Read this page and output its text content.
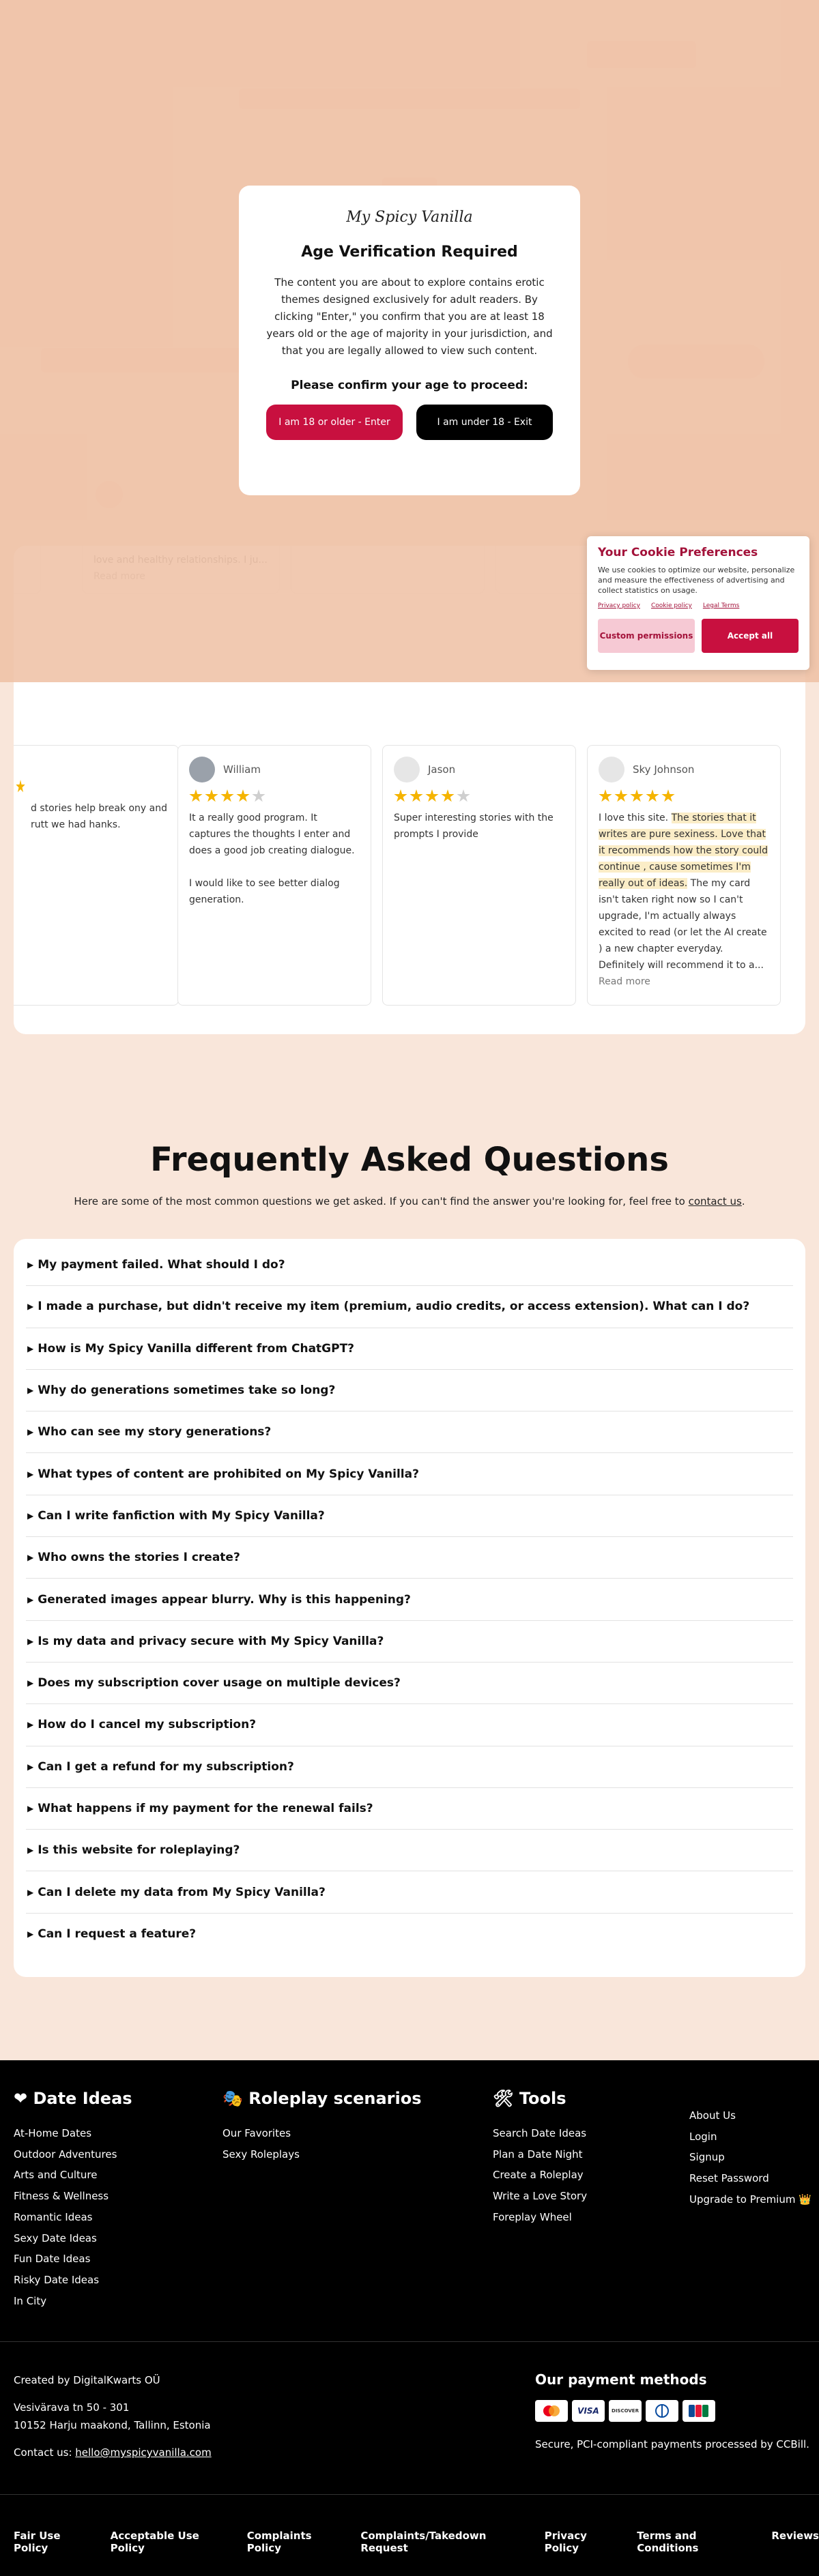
d stories help break ony and rutt we had hanks.
William
It a really good program. It captures the thoughts I enter and does a good job creating dialogue.
I would like to see better dialog generation.
Jason
Super interesting stories with the prompts I provide
Sky Johnson
I love this site. The stories that it writes are pure sexiness. Love that it recommends how the story could continue , cause sometimes I'm really out of ideas. The my card isn't taken right now so I can't upgrade, I'm actually always excited to read (or let the AI create ) a new chapter everyday.
Definitely will recommend it to a...
Read more
My Spicy Vanilla
Age Verification Required

The content you are about to explore contains erotic themes designed exclusively for adult readers. By clicking "Enter," you confirm that you are at least 18 years old or the age of majority in your jurisdiction, and that you are legally allowed to view such content.

Please confirm your age to proceed:
I am 18 or older - Enter	I am under 18 - Exit
Your Cookie Preferences

We use cookies to optimize our website, personalize and measure the effectiveness of advertising and collect statistics on usage.

Privacy policy Cookie policy Legal Terms
Custom permissions	Accept all
Frequently Asked Questions
Here are some of the most common questions we get asked. If you can't find the answer you're looking for, feel free to contact us.
▶ My payment failed. What should I do?
▶ I made a purchase, but didn't receive my item (premium, audio credits, or access extension). What can I do?
▶ How is My Spicy Vanilla different from ChatGPT?
▶ Why do generations sometimes take so long?
▶ Who can see my story generations?
▶ What types of content are prohibited on My Spicy Vanilla?
▶ Can I write fanfiction with My Spicy Vanilla?
▶ Who owns the stories I create?
▶ Generated images appear blurry. Why is this happening?
▶ Is my data and privacy secure with My Spicy Vanilla?
▶ Does my subscription cover usage on multiple devices?
▶ How do I cancel my subscription?
▶ Can I get a refund for my subscription?
▶ What happens if my payment for the renewal fails?
▶ Is this website for roleplaying?
▶ Can I delete my data from My Spicy Vanilla?
▶ Can I request a feature?
❤ Date Ideas
At-Home Dates
Outdoor Adventures
Arts and Culture
Fitness & Wellness
Romantic Ideas
Sexy Date Ideas
Fun Date Ideas
Risky Date Ideas
In City
🎭 Roleplay scenarios
Our Favorites
Sexy Roleplays
🛠 Tools
Search Date Ideas
Plan a Date Night
Create a Roleplay
Write a Love Story
Foreplay Wheel
About Us
Login
Signup
Reset Password
Upgrade to Premium 👑
Created by DigitalKwarts OÜ
Vesivärava tn 50 - 301
10152 Harju maakond, Tallinn, Estonia
Contact us: hello@myspicyvanilla.com
Our payment methods
VISA	DISCOVER
Secure, PCI-compliant payments processed by CCBill.
Fair Use Policy
Acceptable Use Policy
Complaints Policy
Complaints/Takedown Request
Privacy Policy
Terms and Conditions
Reviews
